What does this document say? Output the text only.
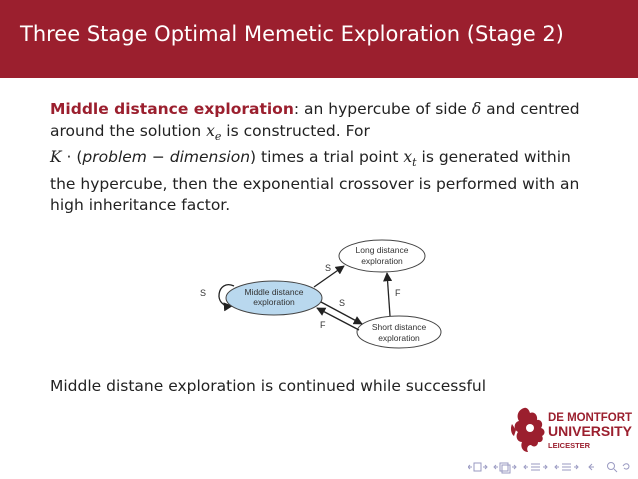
Three Stage Optimal Memetic Exploration (Stage 2)
Middle distance exploration: an hypercube of side δ and centred around the solution $x_e$ is constructed. For
K · (problem − dimension) times a trial point $x_t$ is generated within the hypercube, then the exponential crossover is performed with an high inheritance factor.
S	Middle distance
exploration
Long distance
exploration
Short distance
exploration
S
S
F
F
Middle distane exploration is continued while successful
DE MONTFORT
UNIVERSITY
LEICESTER
